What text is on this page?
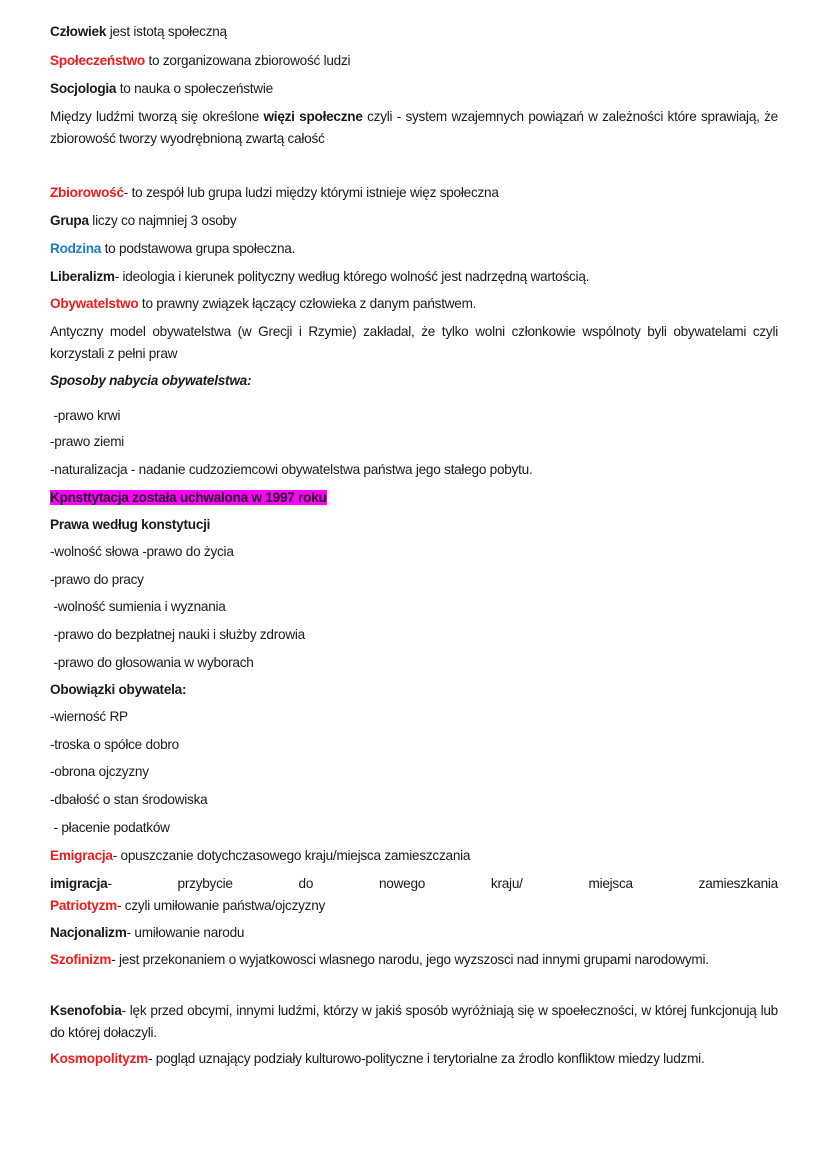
Człowiek jest istotą społeczną
Społeczeństwo to zorganizowana zbiorowość ludzi
Socjologia to nauka o społeczeństwie
Między ludźmi tworzą się określone więzi społeczne czyli - system wzajemnych powiązań w zależności które sprawiają, że zbiorowość tworzy wyodrębnioną zwartą całość
Zbiorowość- to zespół lub grupa ludzi między którymi istnieje więz społeczna
Grupa liczy co najmniej 3 osoby
Rodzina to podstawowa grupa społeczna.
Liberalizm- ideologia i kierunek polityczny według którego wolność jest nadrzędną wartością.
Obywatelstwo to prawny związek łączący człowieka z danym państwem.
Antyczny model obywatelstwa (w Grecji i Rzymie) zakładal, że tylko wolni członkowie wspólnoty byli obywatelami czyli korzystali z pełni praw
Sposoby nabycia obywatelstwa:
-prawo krwi
-prawo ziemi
-naturalizacja - nadanie cudzoziemcowi obywatelstwa państwa jego stałego pobytu.
Kpnsttytacja została uchwalona w 1997 roku
Prawa według konstytucji
-wolność słowa -prawo do życia
-prawo do pracy
-wolność sumienia i wyznania
-prawo do bezpłatnej nauki i służby zdrowia
-prawo do głosowania w wyborach
Obowiązki obywatela:
-wierność RP
-troska o spółce dobro
-obrona ojczyzny
-dbałość o stan środowiska
- płacenie podatków
Emigracja- opuszczanie dotychczasowego kraju/miejsca zamieszczania
imigracja- przybycie do nowego kraju/ miejsca zamieszkania
Patriotyzm- czyli umiłowanie państwa/ojczyzny
Nacjonalizm- umiłowanie narodu
Szofinizm- jest przekonaniem o wyjatkowosci wlasnego narodu, jego wyzszosci nad innymi grupami narodowymi.
Ksenofobia- lęk przed obcymi, innymi ludźmi, którzy w jakiś sposób wyróżniają się w spoełeczności, w której funkcjonują lub do której dołaczyli.
Kosmopolityzm- pogląd uznający podziały kulturowo-polityczne i terytorialne za źrodlo konfliktow miedzy ludzmi.
